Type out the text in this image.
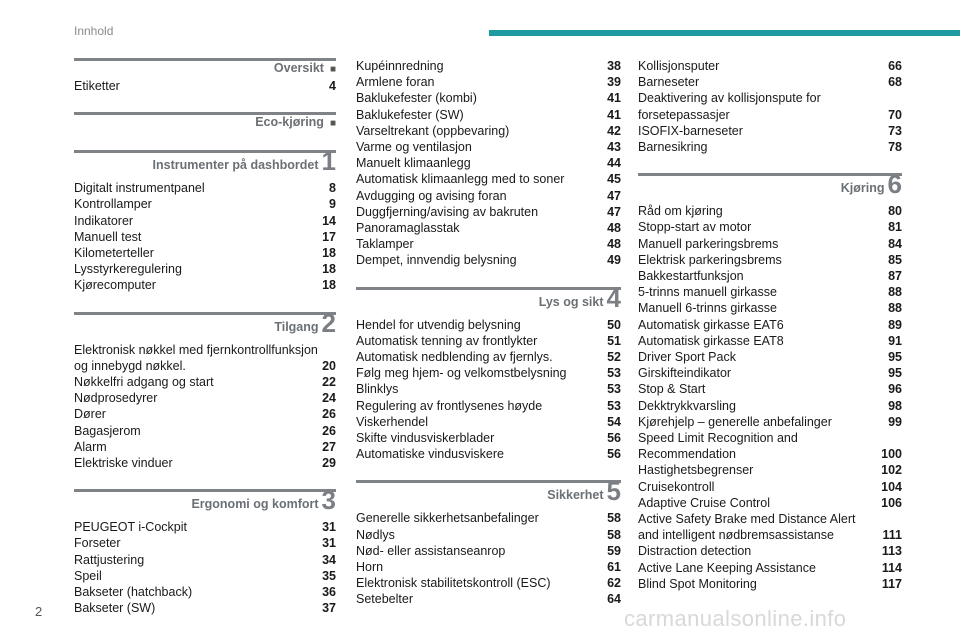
Innhold
Oversikt ■
Etiketter	4
Eco-kjøring ■
Instrumenter på dashbordet 1
Digitalt instrumentpanel	8
Kontrollamper	9
Indikatorer	14
Manuell test	17
Kilometerteller	18
Lysstyrkeregulering	18
Kjørecomputer	18
Tilgang 2
Elektronisk nøkkel med fjernkontrollfunksjon
og innebygd nøkkel.	20
Nøkkelfri adgang og start	22
Nødprosedyrer	24
Dører	26
Bagasjerom	26
Alarm	27
Elektriske vinduer	29
Ergonomi og komfort 3
PEUGEOT i-Cockpit	31
Forseter	31
Rattjustering	34
Speil	35
Bakseter (hatchback)	36
Bakseter (SW)	37
Kupéinnredning	38
Armlene foran	39
Baklukefester (kombi)	41
Baklukefester (SW)	41
Varseltrekant (oppbevaring)	42
Varme og ventilasjon	43
Manuelt klimaanlegg	44
Automatisk klimaanlegg med to soner	45
Avdugging og avising foran	47
Duggfjerning/avising av bakruten	47
Panoramaglasstak	48
Taklamper	48
Dempet, innvendig belysning	49
Lys og sikt 4
Hendel for utvendig belysning	50
Automatisk tenning av frontlykter	51
Automatisk nedblending av fjernlys.	52
Følg meg hjem- og velkomstbelysning	53
Blinklys	53
Regulering av frontlysenes høyde	53
Viskerhendel	54
Skifte vindusviskerblader	56
Automatiske vindusviskere	56
Sikkerhet 5
Generelle sikkerhetsanbefalinger	58
Nødlys	58
Nød- eller assistanseanrop	59
Horn	61
Elektronisk stabilitetskontroll (ESC)	62
Setebelter	64
Kollisjonsputer	66
Barneseter	68
Deaktivering av kollisjonspute for
forsetepassasjer	70
ISOFIX-barneseter	73
Barnesikring	78
Kjøring 6
Råd om kjøring	80
Stopp-start av motor	81
Manuell parkeringsbrems	84
Elektrisk parkeringsbrems	85
Bakkestartfunksjon	87
5-trinns manuell girkasse	88
Manuell 6-trinns girkasse	88
Automatisk girkasse EAT6	89
Automatisk girkasse EAT8	91
Driver Sport Pack	95
Girskifteindikator	95
Stop & Start	96
Dekktrykkvarsling	98
Kjørehjelp – generelle anbefalinger	99
Speed Limit Recognition and
Recommendation	100
Hastighetsbegrenser	102
Cruisekontroll	104
Adaptive Cruise Control	106
Active Safety Brake med Distance Alert
and intelligent nødbremsassistanse	111
Distraction detection	113
Active Lane Keeping Assistance	114
Blind Spot Monitoring	117
2	carmanualsonline.info
